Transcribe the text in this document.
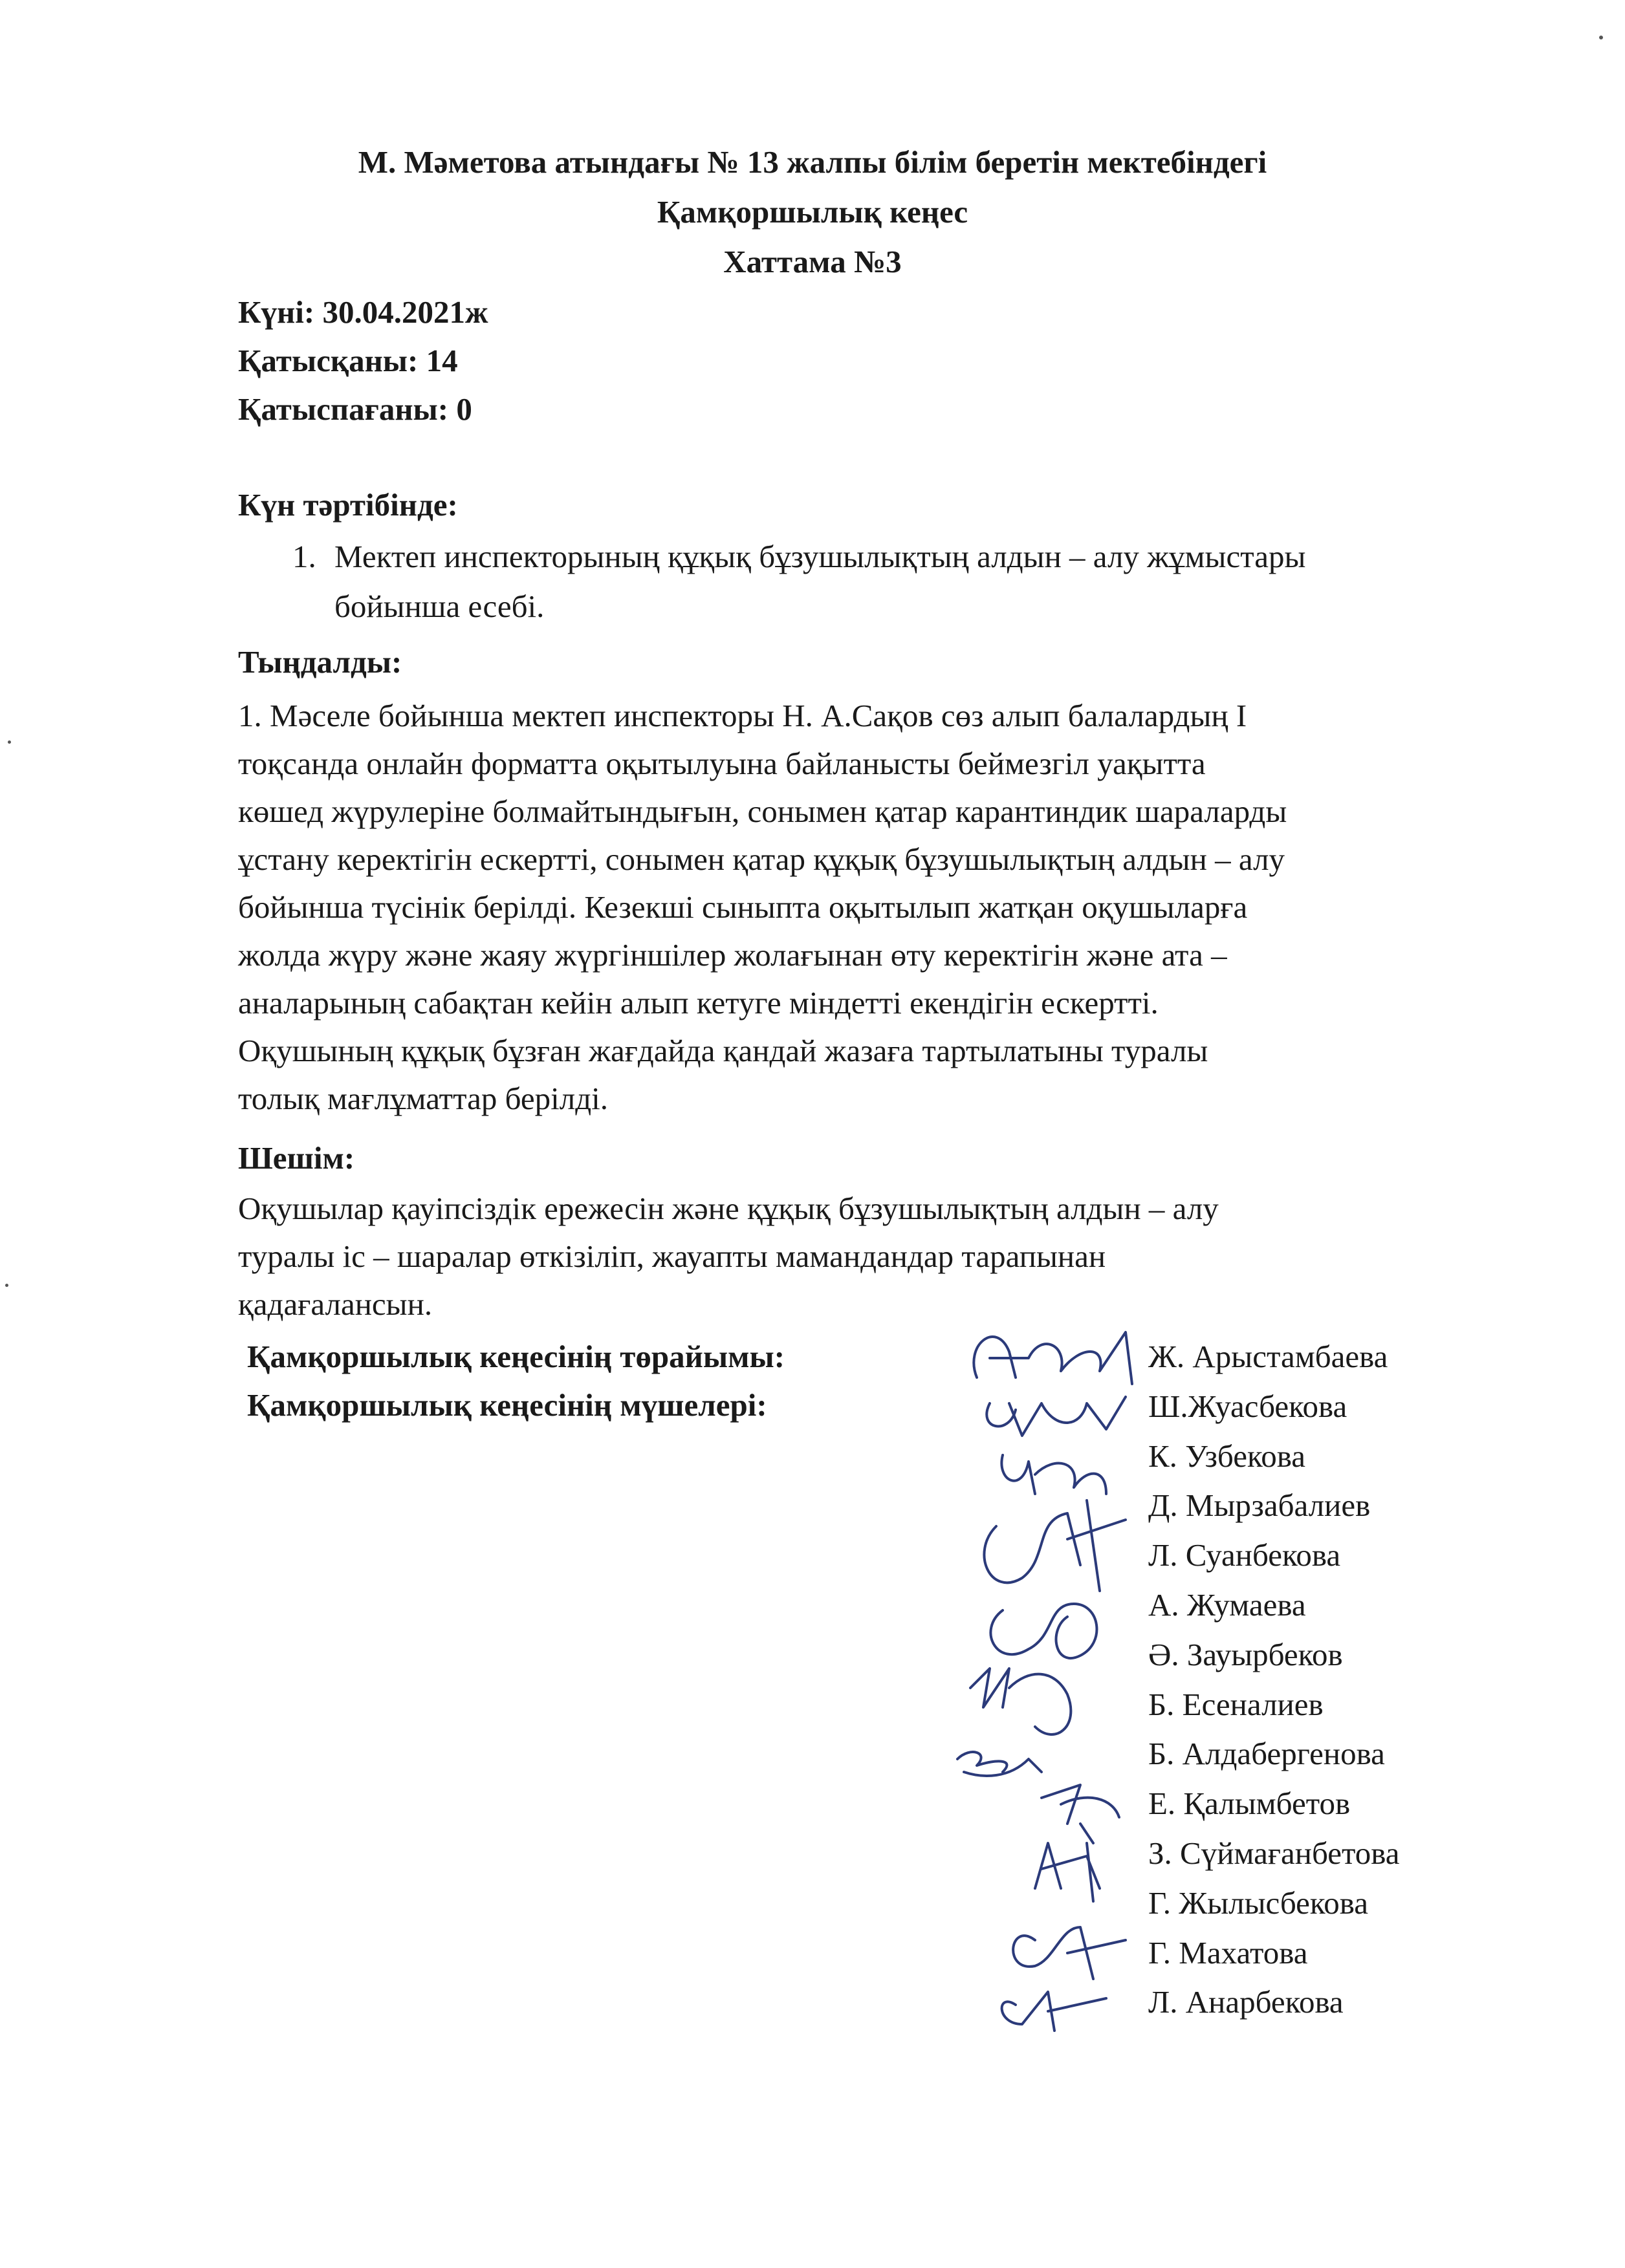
М. Мәметова атындағы № 13 жалпы білім беретін мектебіндегі
Қамқоршылық кеңес
Хаттама №3
Күні: 30.04.2021ж
Қатысқаны: 14
Қатыспағаны: 0
Күн тәртібінде:
1. Мектеп инспекторының құқық бұзушылықтың алдын – алу жұмыстары
бойынша есебі.
Тыңдалды:
1. Мәселе бойынша мектеп инспекторы Н. А.Сақов сөз алып балалардың І
тоқсанда онлайн форматта оқытылуына байланысты беймезгіл уақытта
көшед жүрулеріне болмайтындығын, сонымен қатар карантиндик шараларды
ұстану керектігін ескертті, сонымен қатар құқық бұзушылықтың алдын – алу
бойынша түсінік берілді. Кезекші сыныпта оқытылып жатқан оқушыларға
жолда жүру және жаяу жүргіншілер жолағынан өту керектігін және ата –
аналарының сабақтан кейін алып кетуге міндетті екендігін ескертті.
Оқушының құқық бұзған жағдайда қандай жазаға тартылатыны туралы
толық мағлұматтар берілді.
Шешім:
Оқушылар қауіпсіздік ережесін және құқық бұзушылықтың алдын – алу
туралы іс – шаралар өткізіліп, жауапты мамандандар тарапынан
қадағалансын.
Қамқоршылық кеңесінің төрайымы:
Қамқоршылық кеңесінің мүшелері:
Ж. Арыстамбаева
Ш.Жуасбекова
К. Узбекова
Д. Мырзабалиев
Л. Суанбекова
А. Жумаева
Ә. Зауырбеков
Б. Есеналиев
Б. Алдабергенова
Е. Қалымбетов
З. Сүймағанбетова
Г. Жылысбекова
Г. Махатова
Л. Анарбекова
